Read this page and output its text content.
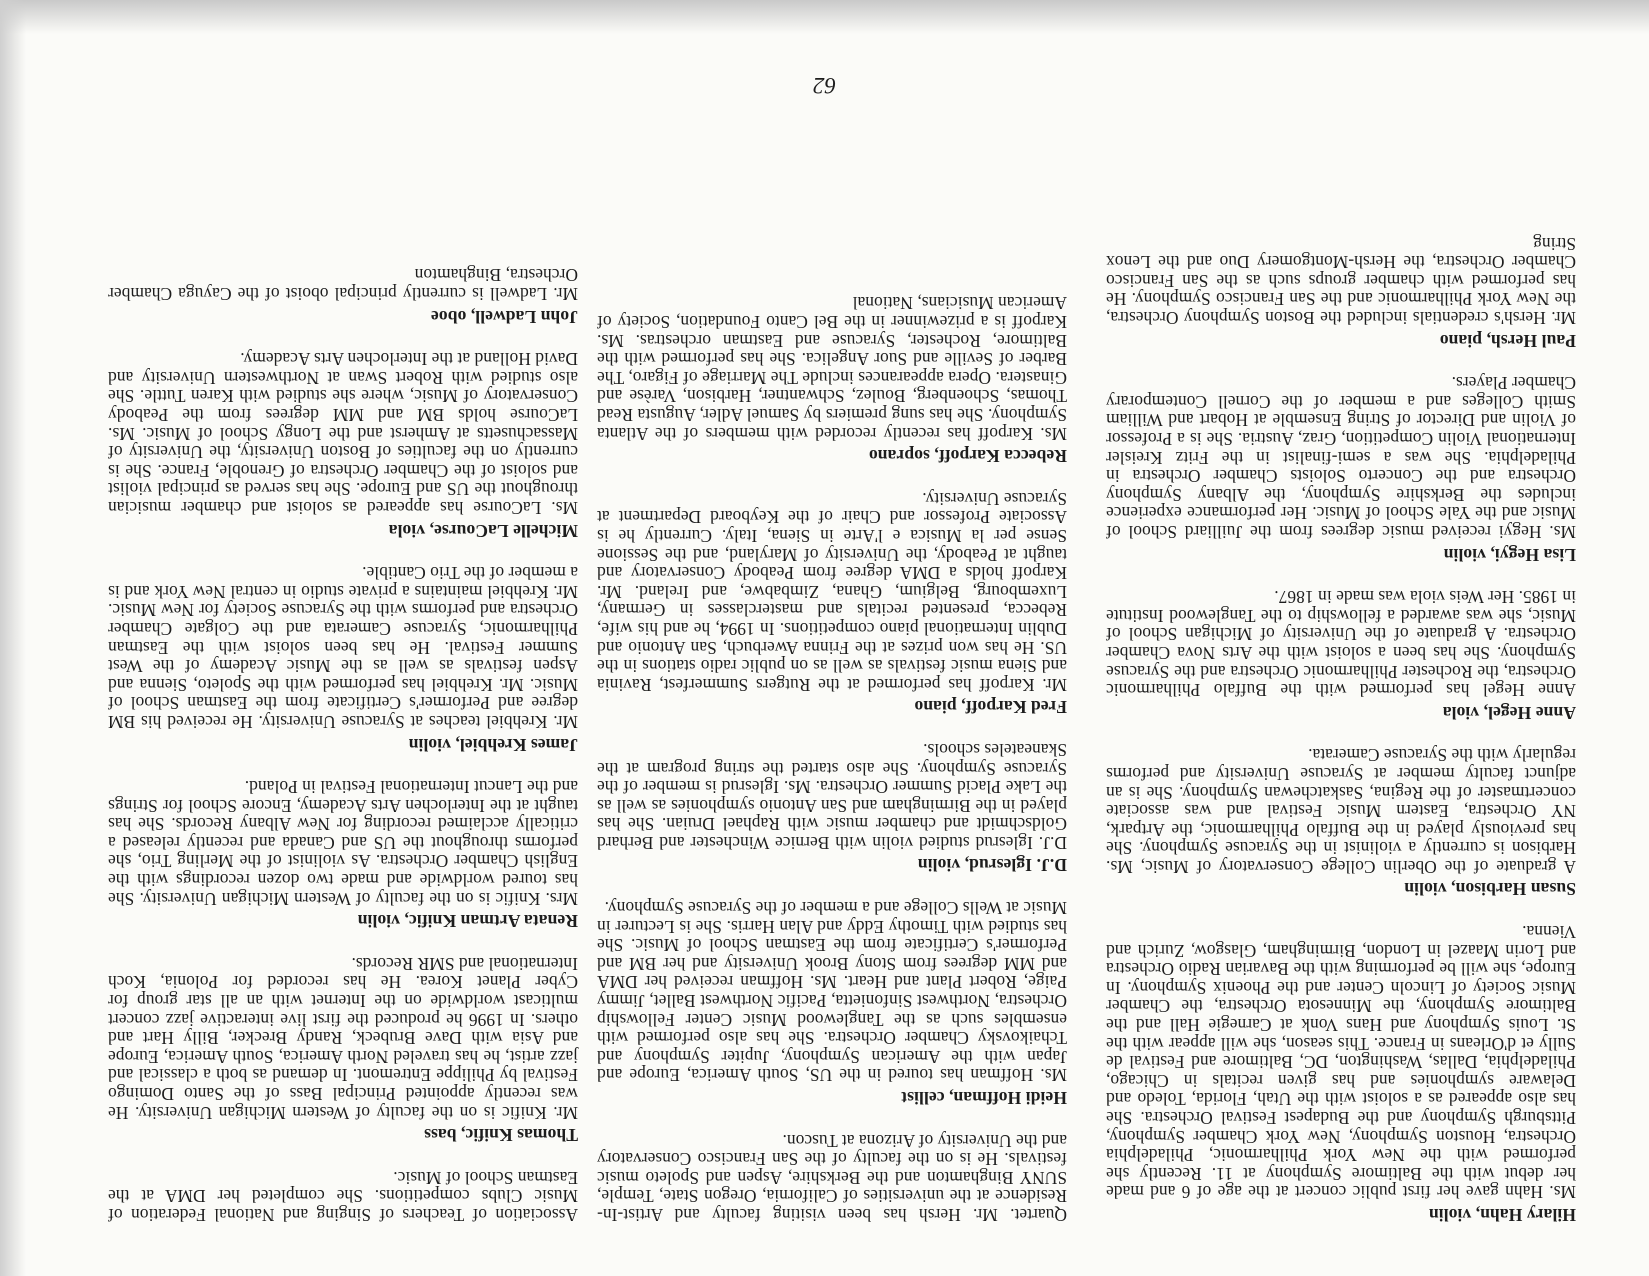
Hilary Hahn, violin

Ms. Hahn gave her first public concert at the age of 6 and made her debut with the Baltimore Symphony at 11. Recently she performed with the New York Philharmonic, Philadelphia Orchestra, Houston Symphony, New York Chamber Symphony, Pittsburgh Symphony and the Budapest Festival Orchestra. She has also appeared as a soloist with the Utah, Florida, Toledo and Delaware symphonies and has given recitals in Chicago, Philadelphia, Dallas, Washington, DC, Baltimore and Festival de Sully et d'Orleans in France. This season, she will appear with the St. Louis Symphony and Hans Vonk at Carnegie Hall and the Baltimore Symphony, the Minnesota Orchestra, the Chamber Music Society of Lincoln Center and the Phoenix Symphony. In Europe, she will be performing with the Bavarian Radio Orchestra and Lorin Maazel in London, Birmingham, Glasgow, Zurich and Vienna.

Susan Harbison, violin

A graduate of the Oberlin College Conservatory of Music, Ms. Harbison is currently a violinist in the Syracuse Symphony. She has previously played in the Buffalo Philharmonic, the Artpark, NY Orchestra, Eastern Music Festival and was associate concertmaster of the Regina, Saskatchewan Symphony. She is an adjunct faculty member at Syracuse University and performs regularly with the Syracuse Camerata.

Anne Hegel, viola

Anne Hegel has performed with the Buffalo Philharmonic Orchestra, the Rochester Philharmonic Orchestra and the Syracuse Symphony. She has been a soloist with the Arts Nova Chamber Orchestra. A graduate of the University of Michigan School of Music, she was awarded a fellowship to the Tanglewood Institute in 1985. Her Weis viola was made in 1867.

Lisa Hegyi, violin

Ms. Hegyi received music degrees from the Juilliard School of Music and the Yale School of Music. Her performance experience includes the Berkshire Symphony, the Albany Symphony Orchestra and the Concerto Soloists Chamber Orchestra in Philadelphia. She was a semi-finalist in the Fritz Kreisler International Violin Competition, Graz, Austria. She is a Professor of Violin and Director of String Ensemble at Hobart and William Smith Colleges and a member of the Cornell Contemporary Chamber Players.

Paul Hersh, piano

Mr. Hersh's credentials included the Boston Symphony Orchestra, the New York Philharmonic and the San Francisco Symphony. He has performed with chamber groups such as the San Francisco Chamber Orchestra, the Hersh-Montgomery Duo and the Lenox String

Quartet. Mr. Hersh has been visiting faculty and Artist-In-Residence at the universities of California, Oregon State, Temple, SUNY Binghamton and the Berkshire, Aspen and Spoleto music festivals. He is on the faculty of the San Francisco Conservatory and the University of Arizona at Tuscon.

Heidi Hoffman, cellist

Ms. Hoffman has toured in the US, South America, Europe and Japan with the American Symphony, Jupiter Symphony and Tchaikovsky Chamber Orchestra. She has also performed with ensembles such as the Tanglewood Music Center Fellowship Orchestra, Northwest Sinfonietta, Pacific Northwest Ballet, Jimmy Paige, Robert Plant and Heart. Ms. Hoffman received her DMA and MM degrees from Stony Brook University and her BM and Performer's Certificate from the Eastman School of Music. She has studied with Timothy Eddy and Alan Harris. She is Lecturer in Music at Wells College and a member of the Syracuse Symphony.

D.J. Iglesrud, violin

D.J. Iglesrud studied violin with Bernice Winchester and Berhard Goldschmidt and chamber music with Raphael Druian. She has played in the Birmingham and San Antonio symphonies as well as the Lake Placid Summer Orchestra. Ms. Iglesrud is member of the Syracuse Symphony. She also started the string program at the Skaneateles schools.

Fred Karpoff, piano

Mr. Karpoff has performed at the Rutgers Summerfest, Ravinia and Siena music festivals as well as on public radio stations in the US. He has won prizes at the Frinna Awerbuch, San Antonio and Dublin International piano competitions. In 1994, he and his wife, Rebecca, presented recitals and masterclasses in Germany, Luxembourg, Belgium, Ghana, Zimbabwe, and Ireland. Mr. Karpoff holds a DMA degree from Peabody Conservatory and taught at Peabody, the University of Maryland, and the Sessione Sense per la Musica e l'Arte in Siena, Italy. Currently he is Associate Professor and Chair of the Keyboard Department at Syracuse University.

Rebecca Karpoff, soprano

Ms. Karpoff has recently recorded with members of the Atlanta Symphony. She has sung premiers by Samuel Adler, Augusta Read Thomas, Schoenberg, Boulez, Schwantner, Harbison, Varèse and Ginastera. Opera appearances include The Marriage of Figaro, The Barber of Seville and Suor Angelica. She has performed with the Baltimore, Rochester, Syracuse and Eastman orchestras. Ms. Karpoff is a prizewinner in the Bel Canto Foundation, Society of American Musicians, National

Association of Teachers of Singing and National Federation of Music Clubs competitions. She completed her DMA at the Eastman School of Music.

Thomas Knific, bass

Mr. Knific is on the faculty of Western Michigan University. He was recently appointed Principal Bass of the Santo Domingo Festival by Philippe Entremont. In demand as both a classical and jazz artist, he has traveled North America, South America, Europe and Asia with Dave Brubeck, Randy Brecker, Billy Hart and others. In 1996 he produced the first live interactive jazz concert multicast worldwide on the Internet with an all star group for Cyber Planet Korea. He has recorded for Polonia, Koch International and SMR Records.

Renata Artman Knific, violin

Mrs. Knific is on the faculty of Western Michigan University. She has toured worldwide and made two dozen recordings with the English Chamber Orchestra. As violinist of the Merling Trio, she performs throughout the US and Canada and recently released a critically acclaimed recording for New Albany Records. She has taught at the Interlochen Arts Academy, Encore School for Strings and the Lancut International Festival in Poland.

James Krehbiel, violin

Mr. Krehbiel teaches at Syracuse University. He received his BM degree and Performer's Certificate from the Eastman School of Music. Mr. Krehbiel has performed with the Spoleto, Sienna and Aspen festivals as well as the Music Academy of the West Summer Festival. He has been soloist with the Eastman Philharmonic, Syracuse Camerata and the Colgate Chamber Orchestra and performs with the Syracuse Society for New Music. Mr. Krehbiel maintains a private studio in central New York and is a member of the Trio Cantible.

Michelle LaCourse, viola

Ms. LaCourse has appeared as soloist and chamber musician throughout the US and Europe. She has served as principal violist and soloist of the Chamber Orchestra of Grenoble, France. She is currently on the faculties of Boston University, the University of Massachusetts at Amherst and the Longy School of Music. Ms. LaCourse holds BM and MM degrees from the Peabody Conservatory of Music, where she studied with Karen Tuttle. She also studied with Robert Swan at Northwestern University and David Holland at the Interlochen Arts Academy.

John Ladwell, oboe

Mr. Ladwell is currently principal oboist of the Cayuga Chamber Orchestra, Binghamton

62
